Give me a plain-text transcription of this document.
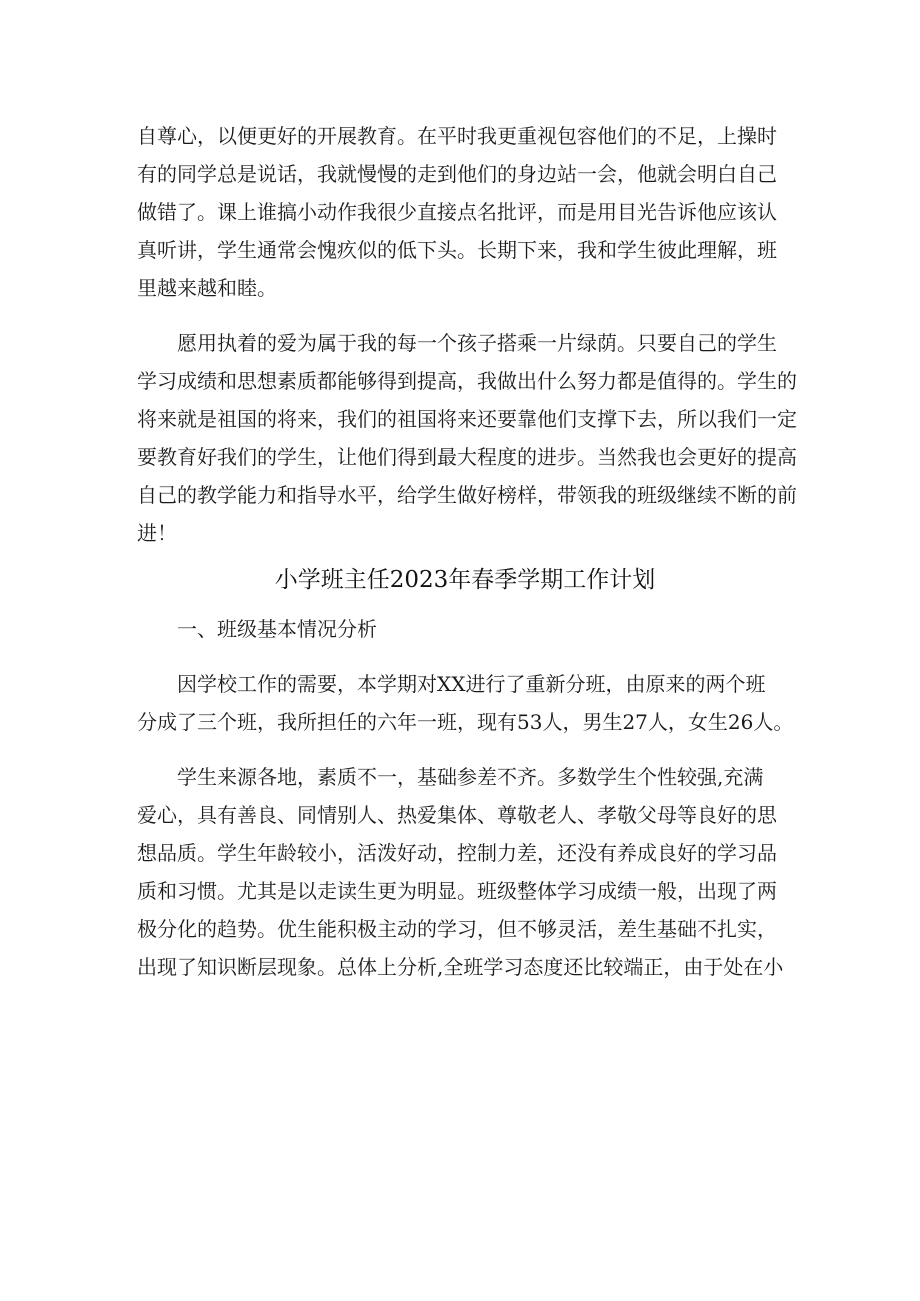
自尊心，以便更好的开展教育。在平时我更重视包容他们的不足，上操时
有的同学总是说话，我就慢慢的走到他们的身边站一会，他就会明白自己
做错了。课上谁搞小动作我很少直接点名批评，而是用目光告诉他应该认
真听讲，学生通常会愧疚似的低下头。长期下来，我和学生彼此理解，班
里越来越和睦。
愿用执着的爱为属于我的每一个孩子搭乘一片绿荫。只要自己的学生
学习成绩和思想素质都能够得到提高，我做出什么努力都是值得的。学生的
将来就是祖国的将来，我们的祖国将来还要靠他们支撑下去，所以我们一定
要教育好我们的学生，让他们得到最大程度的进步。当然我也会更好的提高
自己的教学能力和指导水平，给学生做好榜样，带领我的班级继续不断的前
进！
小学班主任2023年春季学期工作计划
一、班级基本情况分析
因学校工作的需要，本学期对XX进行了重新分班，由原来的两个班
分成了三个班，我所担任的六年一班，现有53人，男生27人，女生26人。
学生来源各地，素质不一，基础参差不齐。多数学生个性较强,充满
爱心，具有善良、同情别人、热爱集体、尊敬老人、孝敬父母等良好的思
想品质。学生年龄较小，活泼好动，控制力差，还没有养成良好的学习品
质和习惯。尤其是以走读生更为明显。班级整体学习成绩一般，出现了两
极分化的趋势。优生能积极主动的学习，但不够灵活，差生基础不扎实，
出现了知识断层现象。总体上分析,全班学习态度还比较端正，由于处在小
